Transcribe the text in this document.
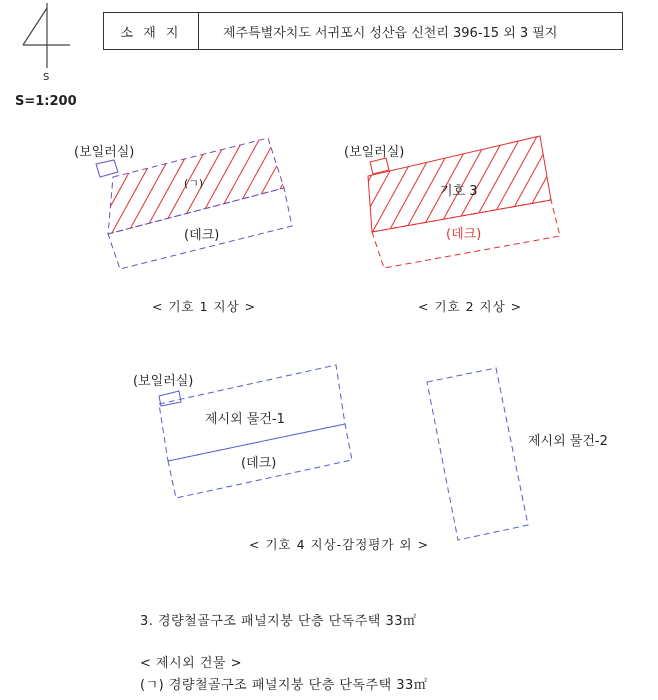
소 재 지	제주특별자치도 서귀포시 성산읍 신천리 396-15 외 3 필지
S
S=1:200
(보일러실)
(ㄱ)
(데크)
< 기호 1 지상 >
(보일러실)
기호 3
(데크)
< 기호 2 지상 >
(보일러실)
제시외 물건-1
(데크)
< 기호 4 지상-감정평가 외 >
제시외 물건-2
3. 경량철골구조 패널지붕 단층 단독주택 33㎡
< 제시외 건물 >
(ㄱ) 경량철골구조 패널지붕 단층 단독주택 33㎡
